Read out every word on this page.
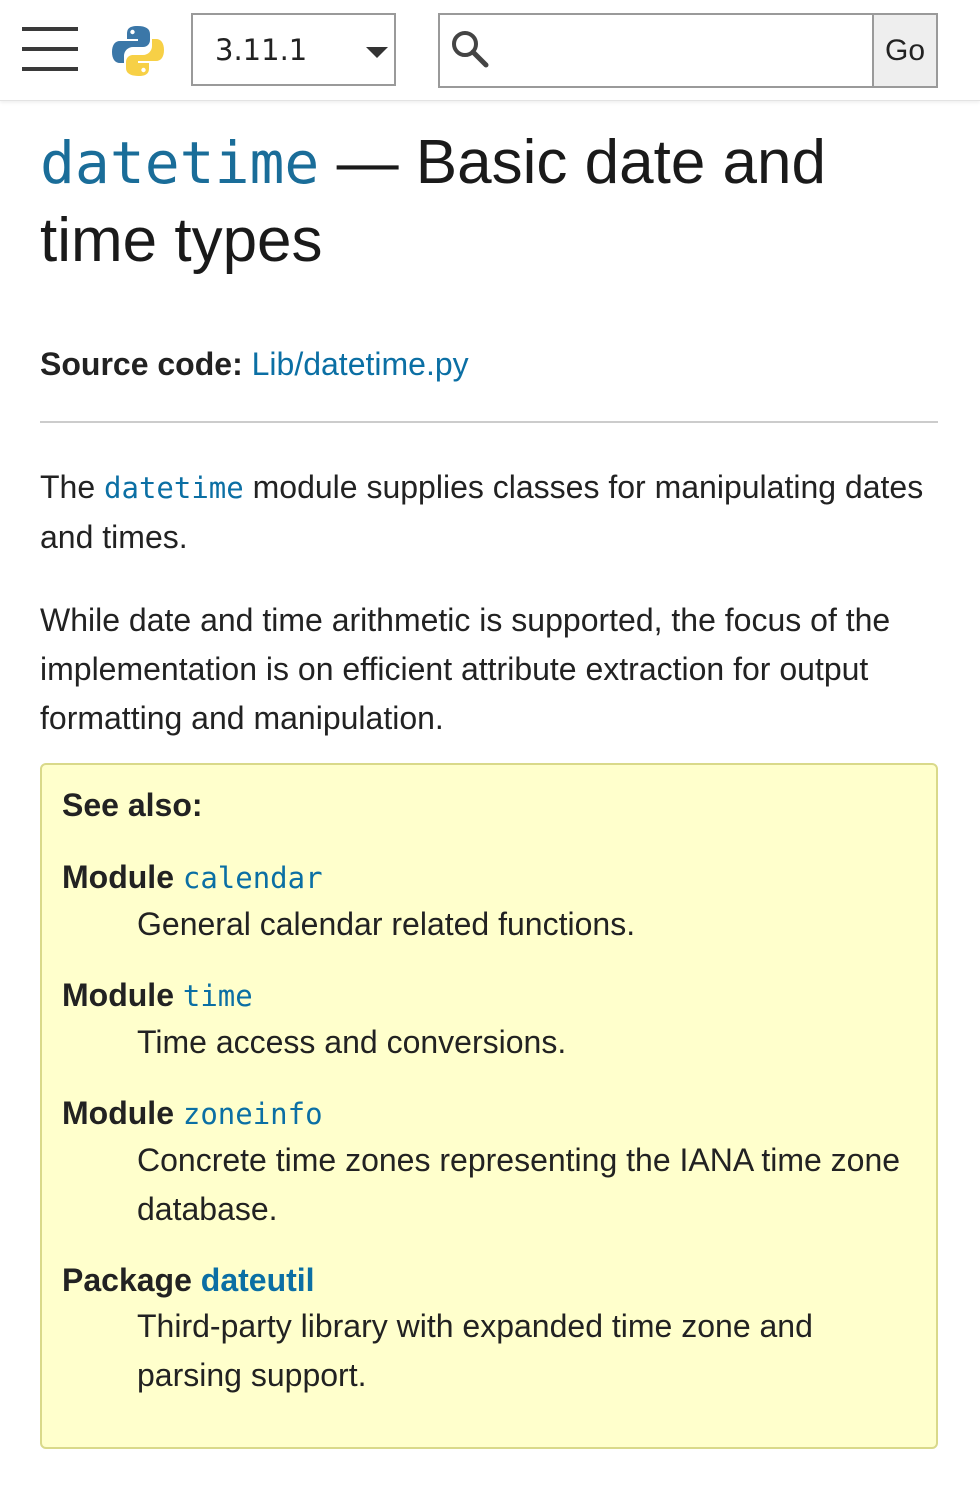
3.11.1	Go
datetime — Basic date and time types
Source code: Lib/datetime.py

The datetime module supplies classes for manipulating dates and times.

While date and time arithmetic is supported, the focus of the implementation is on efficient attribute extraction for output formatting and manipulation.

See also:
Module calendar
General calendar related functions.
Module time
Time access and conversions.
Module zoneinfo
Concrete time zones representing the IANA time zone database.
Package dateutil
Third-party library with expanded time zone and parsing support.
